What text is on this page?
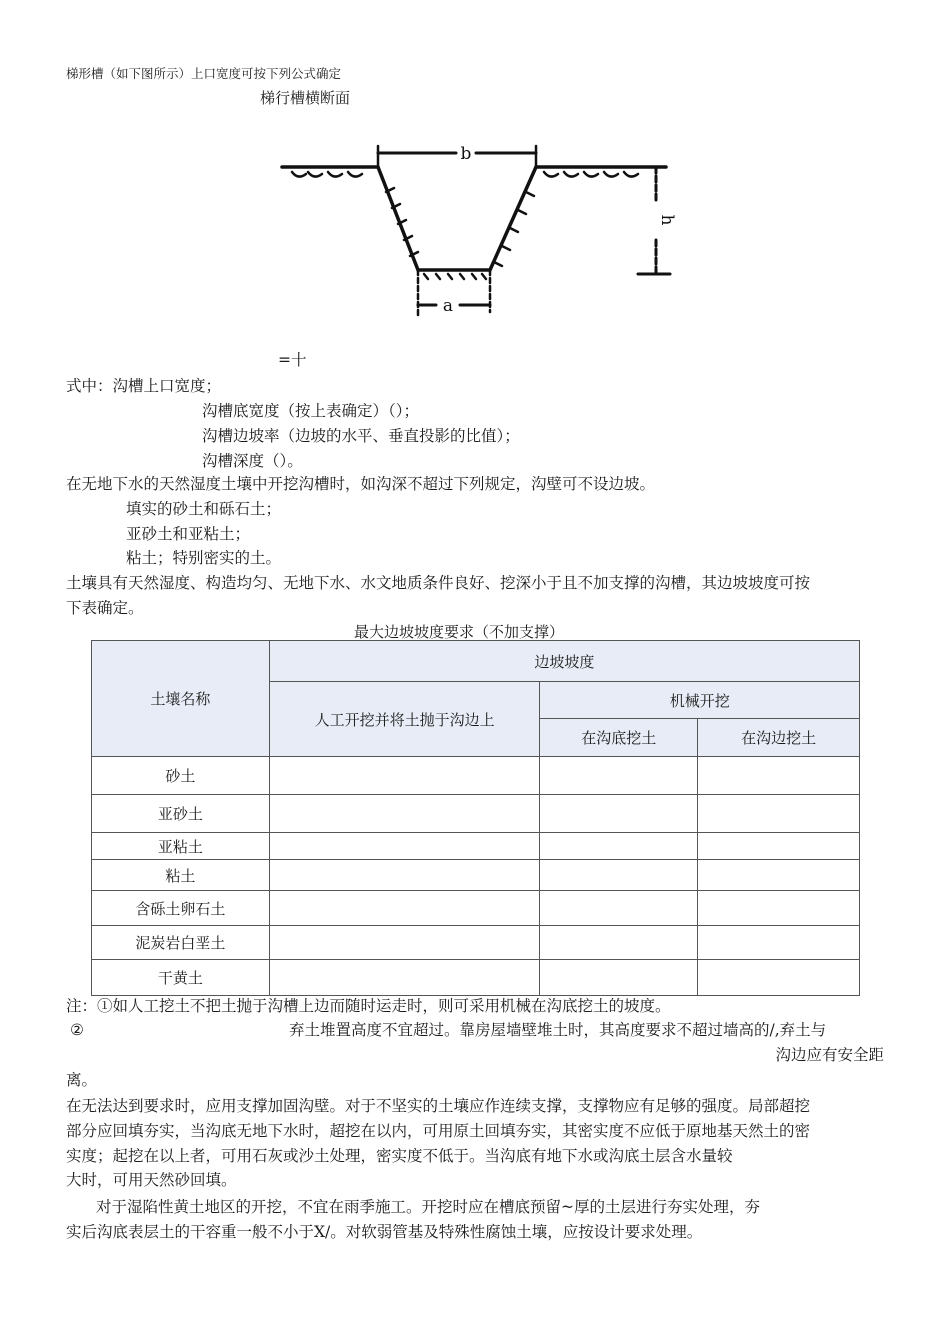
梯形槽（如下图所示）上口宽度可按下列公式确定
梯行槽横断面
b
h
a
=十
式中：沟槽上口宽度；
沟槽底宽度（按上表确定）（）；
沟槽边坡率（边坡的水平、垂直投影的比值）；
沟槽深度（）。
在无地下水的天然湿度土壤中开挖沟槽时，如沟深不超过下列规定，沟壁可不设边坡。
填实的砂土和砾石土；
亚砂土和亚粘土；
粘土；特别密实的土。
土壤具有天然湿度、构造均匀、无地下水、水文地质条件良好、挖深小于且不加支撑的沟槽，其边坡坡度可按
下表确定。
最大边坡坡度要求（不加支撑）
土壤名称	边坡坡度		
	人工开挖并将土抛于沟边上	机械开挖	
		在沟底挖土	在沟边挖土
砂土			
亚砂土			
亚粘土			
粘土			
含砾土卵石土			
泥炭岩白垩土			
干黄土			
注：①如人工挖土不把土抛于沟槽上边而随时运走时，则可采用机械在沟底挖土的坡度。
②	弃土堆置高度不宜超过。靠房屋墙壁堆土时，其高度要求不超过墙高的/,弃土与
沟边应有安全距
离。
在无法达到要求时，应用支撑加固沟壁。对于不坚实的土壤应作连续支撑，支撑物应有足够的强度。局部超挖
部分应回填夯实，当沟底无地下水时，超挖在以内，可用原土回填夯实，其密实度不应低于原地基天然土的密
实度；起挖在以上者，可用石灰或沙土处理，密实度不低于。当沟底有地下水或沟底土层含水量较
大时，可用天然砂回填。
对于湿陷性黄土地区的开挖，不宜在雨季施工。开挖时应在槽底预留~厚的土层进行夯实处理，夯
实后沟底表层土的干容重一般不小于X/。对软弱管基及特殊性腐蚀土壤，应按设计要求处理。
